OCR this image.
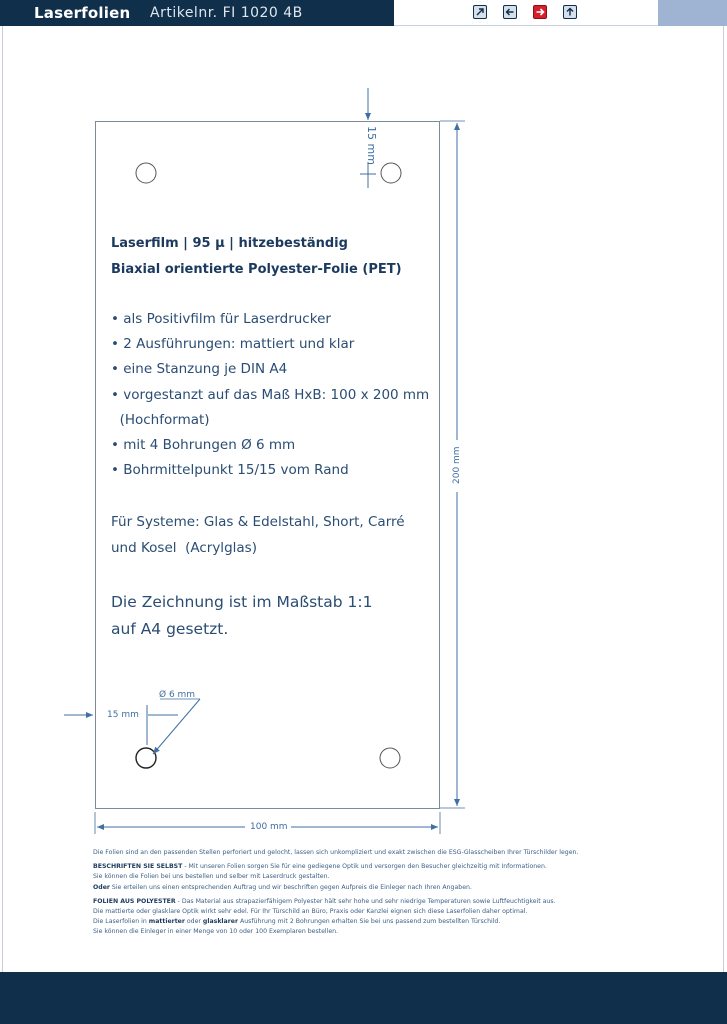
Laserfolien Artikelnr. FI 1020 4B
15 mm
200 mm
100 mm
15 mm
Ø 6 mm
Laserfilm | 95 µ | hitzebeständig
Biaxial orientierte Polyester-Folie (PET)
• als Positivfilm für Laserdrucker
• 2 Ausführungen: mattiert und klar
• eine Stanzung je DIN A4
• vorgestanzt auf das Maß HxB: 100 x 200 mm
(Hochformat)
• mit 4 Bohrungen Ø 6 mm
• Bohrmittelpunkt 15/15 vom Rand
Für Systeme: Glas & Edelstahl, Short, Carré
und Kosel  (Acrylglas)
Die Zeichnung ist im Maßstab 1:1
auf A4 gesetzt.

Die Folien sind an den passenden Stellen perforiert und gelocht, lassen sich unkompliziert und exakt zwischen die ESG-Glasscheiben Ihrer Türschilder legen.

BESCHRIFTEN SIE SELBST - Mit unseren Folien sorgen Sie für eine gediegene Optik und versorgen den Besucher gleichzeitig mit Informationen.
Sie können die Folien bei uns bestellen und selber mit Laserdruck gestalten.
Oder Sie erteilen uns einen entsprechenden Auftrag und wir beschriften gegen Aufpreis die Einleger nach Ihren Angaben.

FOLIEN AUS POLYESTER - Das Material aus strapazierfähigem Polyester hält sehr hohe und sehr niedrige Temperaturen sowie Luftfeuchtigkeit aus.
Die mattierte oder glasklare Optik wirkt sehr edel. Für Ihr Türschild an Büro, Praxis oder Kanzlei eignen sich diese Laserfolien daher optimal.
Die Laserfolien in mattierter oder glasklarer Ausführung mit 2 Bohrungen erhalten Sie bei uns passend zum bestellten Türschild.
Sie können die Einleger in einer Menge von 10 oder 100 Exemplaren bestellen.
